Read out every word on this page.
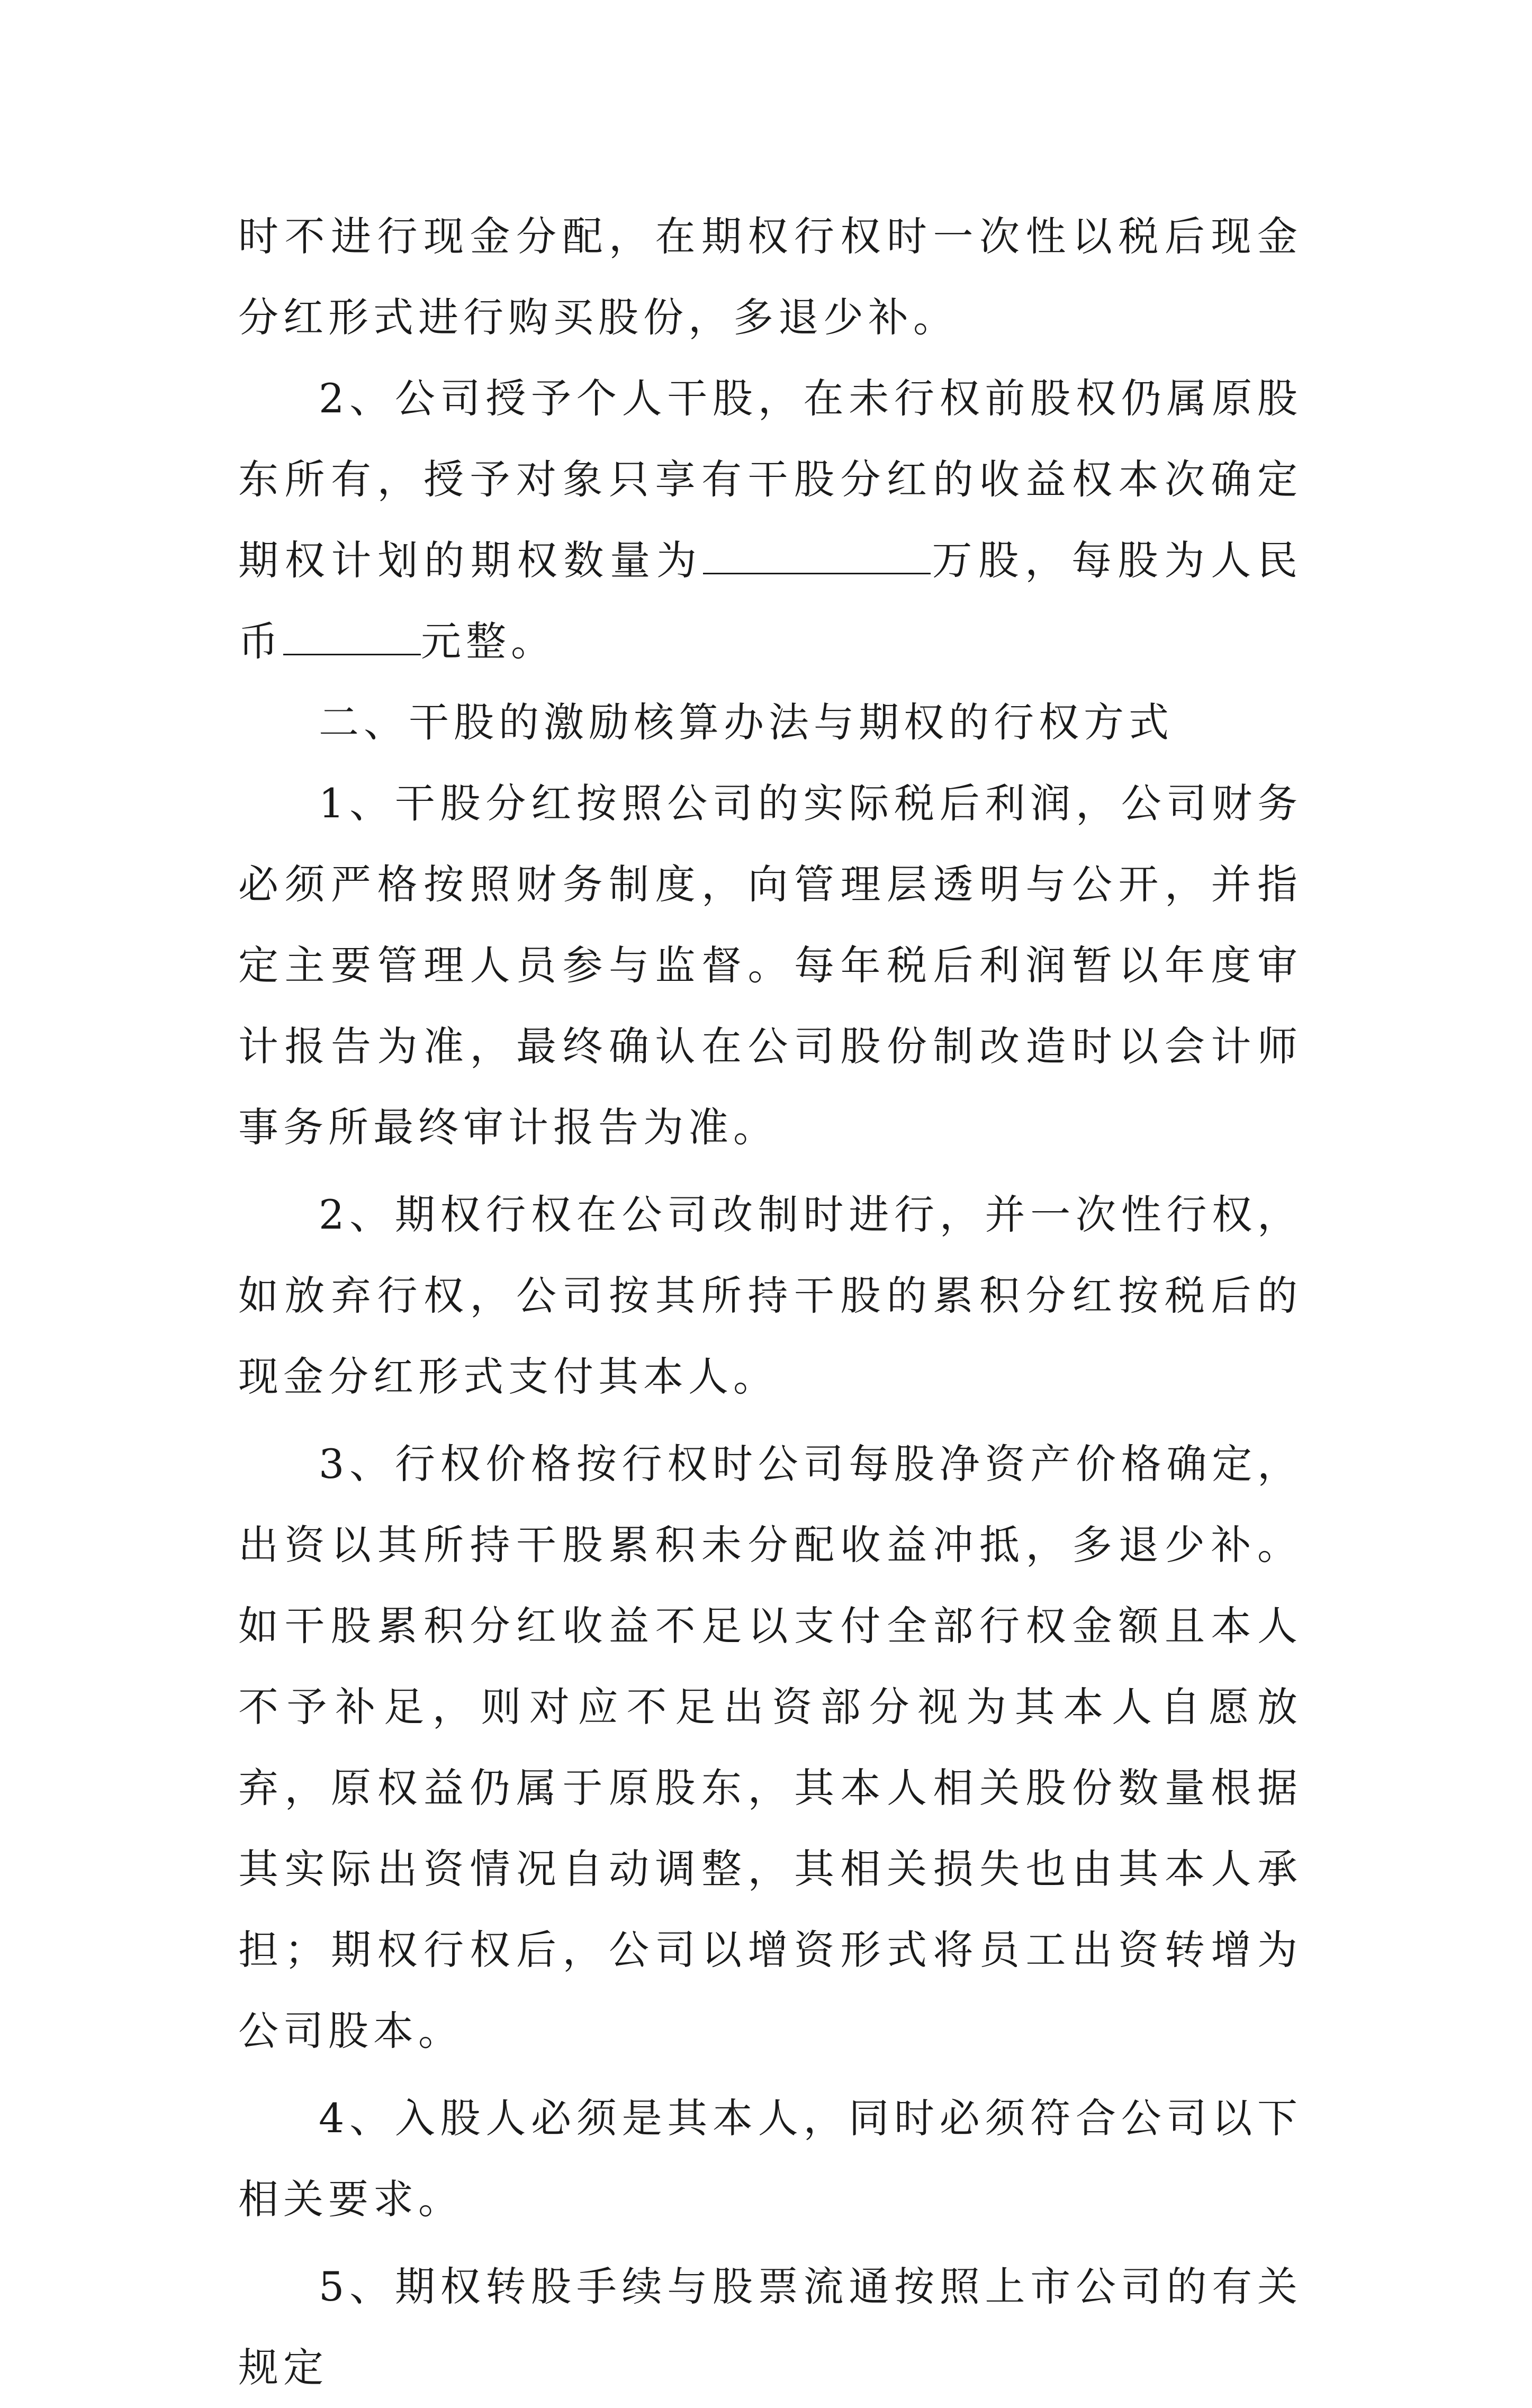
时不进行现金分配，在期权行权时一次性以税后现金分红形式进行购买股份，多退少补。

2、公司授予个人干股，在未行权前股权仍属原股东所有，授予对象只享有干股分红的收益权本次确定期权计划的期权数量为	万股，每股为人民币	元整。

二、干股的激励核算办法与期权的行权方式

1、干股分红按照公司的实际税后利润，公司财务必须严格按照财务制度，向管理层透明与公开，并指定主要管理人员参与监督。每年税后利润暂以年度审计报告为准，最终确认在公司股份制改造时以会计师事务所最终审计报告为准。

2、期权行权在公司改制时进行，并一次性行权，如放弃行权，公司按其所持干股的累积分红按税后的现金分红形式支付其本人。

3、行权价格按行权时公司每股净资产价格确定，出资以其所持干股累积未分配收益冲抵，多退少补。如干股累积分红收益不足以支付全部行权金额且本人不予补足，则对应不足出资部分视为其本人自愿放弃，原权益仍属于原股东，其本人相关股份数量根据其实际出资情况自动调整，其相关损失也由其本人承担；期权行权后，公司以增资形式将员工出资转增为公司股本。

4、入股人必须是其本人，同时必须符合公司以下相关要求。

5、期权转股手续与股票流通按照上市公司的有关规定
